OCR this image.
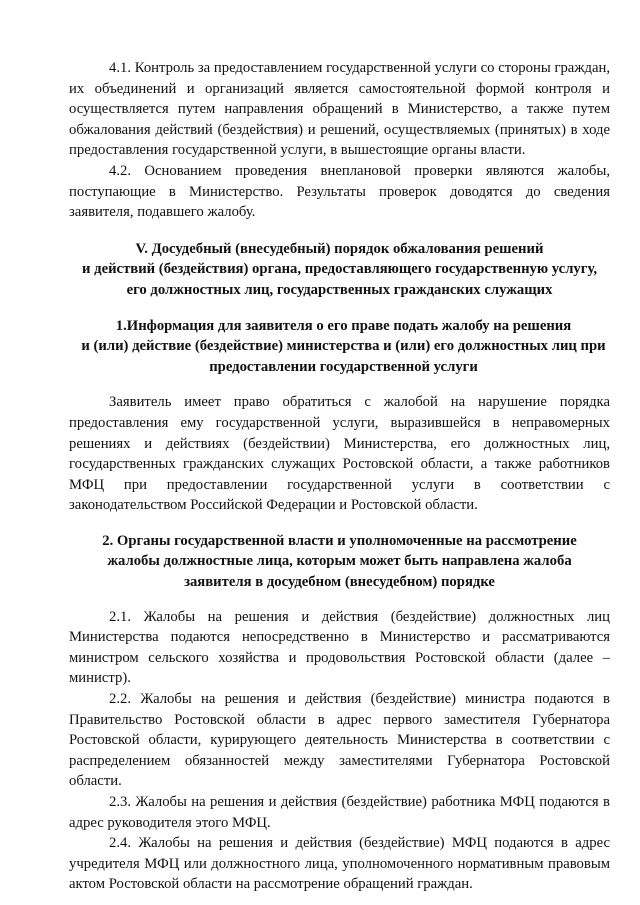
4.1. Контроль за предоставлением государственной услуги со стороны граждан, их объединений и организаций является самостоятельной формой контроля и осуществляется путем направления обращений в Министерство, а также путем обжалования действий (бездействия) и решений, осуществляемых (принятых) в ходе предоставления государственной услуги, в вышестоящие органы власти.

4.2. Основанием проведения внеплановой проверки являются жалобы, поступающие в Министерство. Результаты проверок доводятся до сведения заявителя, подавшего жалобу.

V. Досудебный (внесудебный) порядок обжалования решений
и действий (бездействия) органа, предоставляющего государственную услугу,
его должностных лиц, государственных гражданских служащих
1.Информация для заявителя о его праве подать жалобу на решения
и (или) действие (бездействие) министерства и (или) его должностных лиц при
предоставлении государственной услуги

Заявитель имеет право обратиться с жалобой на нарушение порядка предоставления ему государственной услуги, выразившейся в неправомерных решениях и действиях (бездействии) Министерства, его должностных лиц, государственных гражданских служащих Ростовской области, а также работников МФЦ при предоставлении государственной услуги в соответствии с законодательством Российской Федерации и Ростовской области.

2. Органы государственной власти и уполномоченные на рассмотрение
жалобы должностные лица, которым может быть направлена жалоба
заявителя в досудебном (внесудебном) порядке

2.1. Жалобы на решения и действия (бездействие) должностных лиц Министерства подаются непосредственно в Министерство и рассматриваются министром сельского хозяйства и продовольствия Ростовской области (далее – министр).

2.2. Жалобы на решения и действия (бездействие) министра подаются в Правительство Ростовской области в адрес первого заместителя Губернатора Ростовской области, курирующего деятельность Министерства в соответствии с распределением обязанностей между заместителями Губернатора Ростовской области.

2.3. Жалобы на решения и действия (бездействие) работника МФЦ подаются в адрес руководителя этого МФЦ.

2.4. Жалобы на решения и действия (бездействие) МФЦ подаются в адрес учредителя МФЦ или должностного лица, уполномоченного нормативным правовым актом Ростовской области на рассмотрение обращений граждан.
